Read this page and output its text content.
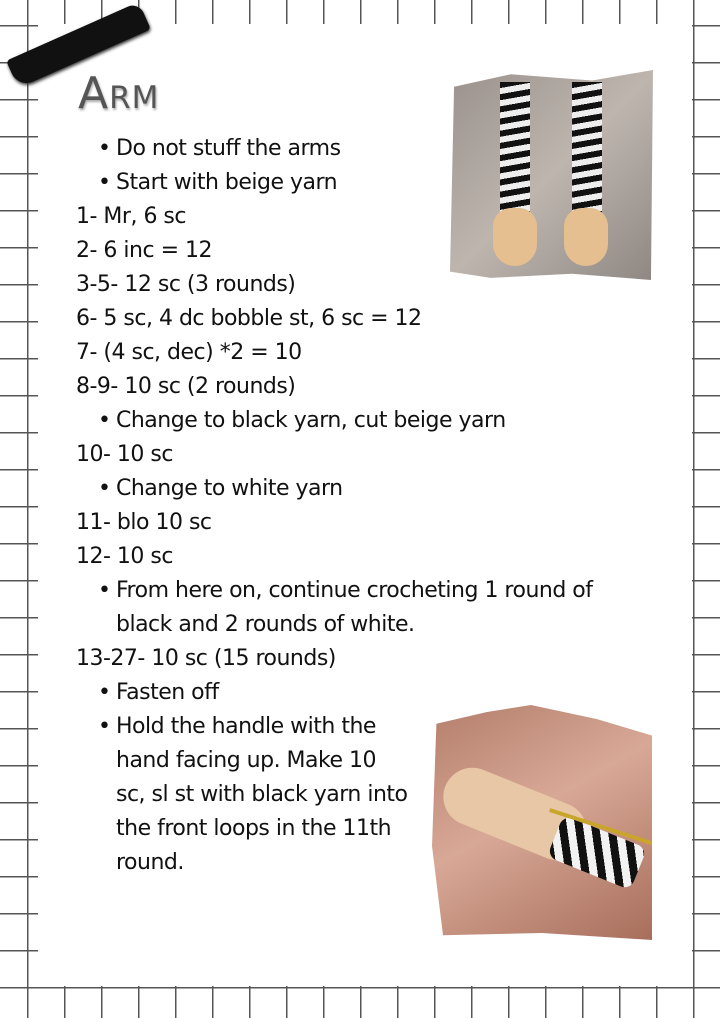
Arm
• Do not stuff the arms
• Start with beige yarn
1- Mr, 6 sc
2- 6 inc = 12
3-5- 12 sc (3 rounds)
6- 5 sc, 4 dc bobble st, 6 sc = 12
7- (4 sc, dec) *2 = 10
8-9- 10 sc (2 rounds)
• Change to black yarn, cut beige yarn
10- 10 sc
• Change to white yarn
11- blo 10 sc
12- 10 sc
• From here on, continue crocheting 1 round of
black and 2 rounds of white.
13-27- 10 sc (15 rounds)
• Fasten off
• Hold the handle with the
hand facing up. Make 10
sc, sl st with black yarn into
the front loops in the 11th
round.
